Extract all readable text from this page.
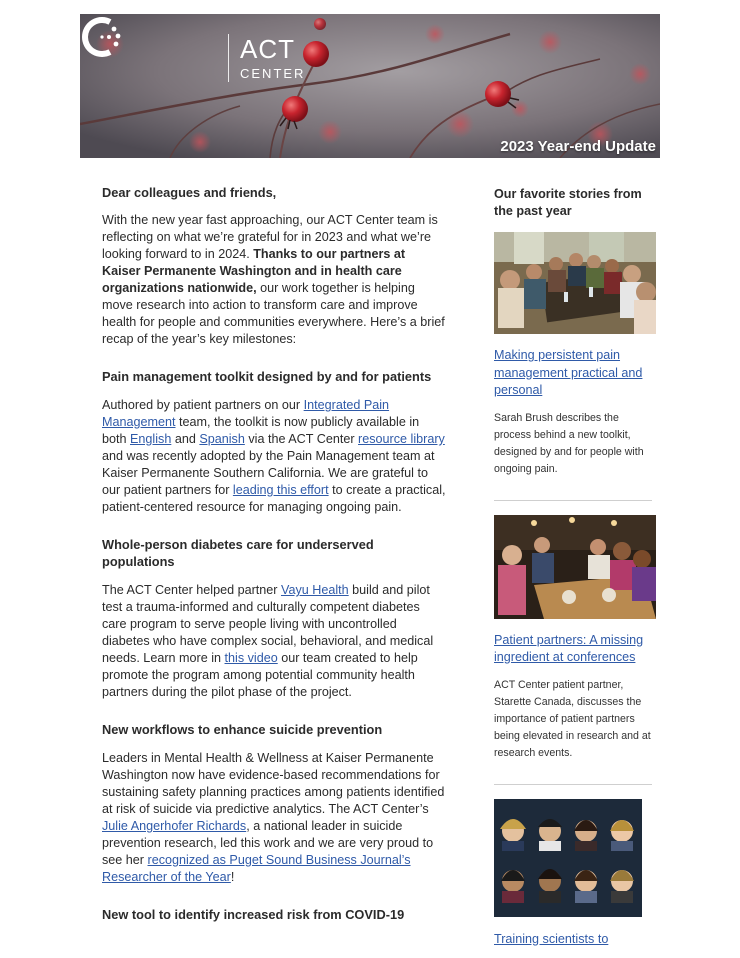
ACT
CENTER
2023 Year-end Update
Dear colleagues and friends,

With the new year fast approaching, our ACT Center team is reflecting on what we’re grateful for in 2023 and what we’re looking forward to in 2024. Thanks to our partners at Kaiser Permanente Washington and in health care organizations nationwide, our work together is helping move research into action to transform care and improve health for people and communities everywhere. Here’s a brief recap of the year’s key milestones:

Pain management toolkit designed by and for patients

Authored by patient partners on our Integrated Pain Management team, the toolkit is now publicly available in both English and Spanish via the ACT Center resource library and was recently adopted by the Pain Management team at Kaiser Permanente Southern California. We are grateful to our patient partners for leading this effort to create a practical, patient-centered resource for managing ongoing pain.

Whole-person diabetes care for underserved populations

The ACT Center helped partner Vayu Health build and pilot test a trauma-informed and culturally competent diabetes care program to serve people living with uncontrolled diabetes who have complex social, behavioral, and medical needs. Learn more in this video our team created to help promote the program among potential community health partners during the pilot phase of the project.

New workflows to enhance suicide prevention

Leaders in Mental Health & Wellness at Kaiser Permanente Washington now have evidence-based recommendations for sustaining safety planning practices among patients identified at risk of suicide via predictive analytics. The ACT Center’s Julie Angerhofer Richards, a national leader in suicide prevention research, led this work and we are very proud to see her recognized as Puget Sound Business Journal’s Researcher of the Year!

New tool to identify increased risk from COVID-19
Our favorite stories from the past year
Making persistent pain management practical and personal
Sarah Brush describes the process behind a new toolkit, designed by and for people with ongoing pain.
Patient partners: A missing ingredient at conferences
ACT Center patient partner, Starette Canada, discusses the importance of patient partners being elevated in research and at research events.
Training scientists to
